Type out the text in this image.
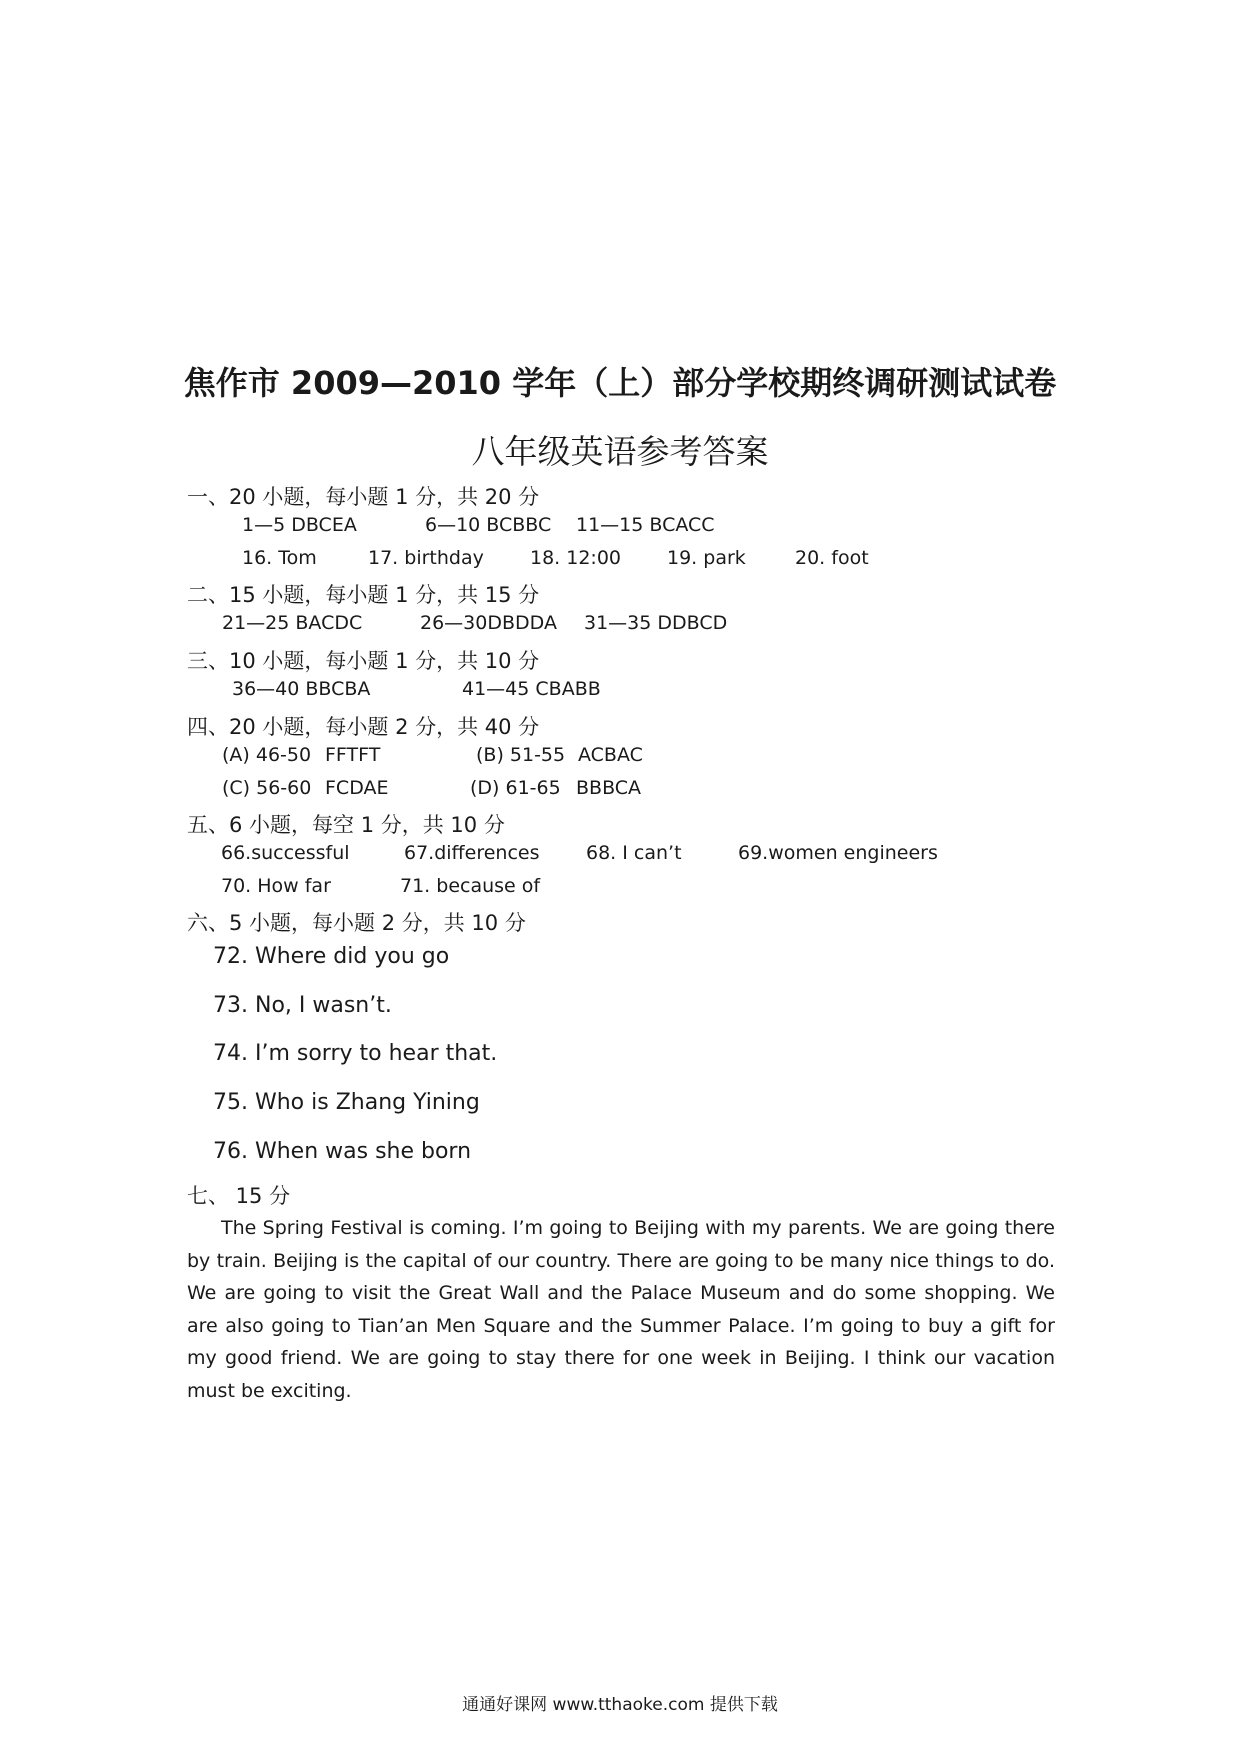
焦作市 2009—2010 学年（上）部分学校期终调研测试试卷
八年级英语参考答案
一、20 小题，每小题 1 分，共 20 分
1—5 DBCEA	6—10 BCBBC 11—15 BCACC
16. Tom	17. birthday 18. 12:00 19. park	20. foot
二、15 小题，每小题 1 分，共 15 分
21—25 BACDC	26—30DBDDA 31—35 DDBCD
三、10 小题，每小题 1 分，共 10 分
36—40 BBCBA	41—45 CBABB
四、20 小题，每小题 2 分，共 40 分
(A) 46-50 FFTFT	(B) 51-55 ACBAC
(C) 56-60 FCDAE	(D) 61-65 BBBCA
五、6 小题，每空 1 分，共 10 分
66.successful	67.differences 68. I can’t	69.women engineers
70. How far	71. because of
六、5 小题，每小题 2 分，共 10 分
72. Where did you go
73. No, I wasn’t.
74. I’m sorry to hear that.
75. Who is Zhang Yining
76. When was she born
七、 15 分
The Spring Festival is coming. I’m going to Beijing with my parents. We are going there by train. Beijing is the capital of our country. There are going to be many nice things to do. We are going to visit the Great Wall and the Palace Museum and do some shopping. We are also going to Tian’an Men Square and the Summer Palace. I’m going to buy a gift for my good friend. We are going to stay there for one week in Beijing. I think our vacation must be exciting.
通通好课网 www.tthaoke.com 提供下载
